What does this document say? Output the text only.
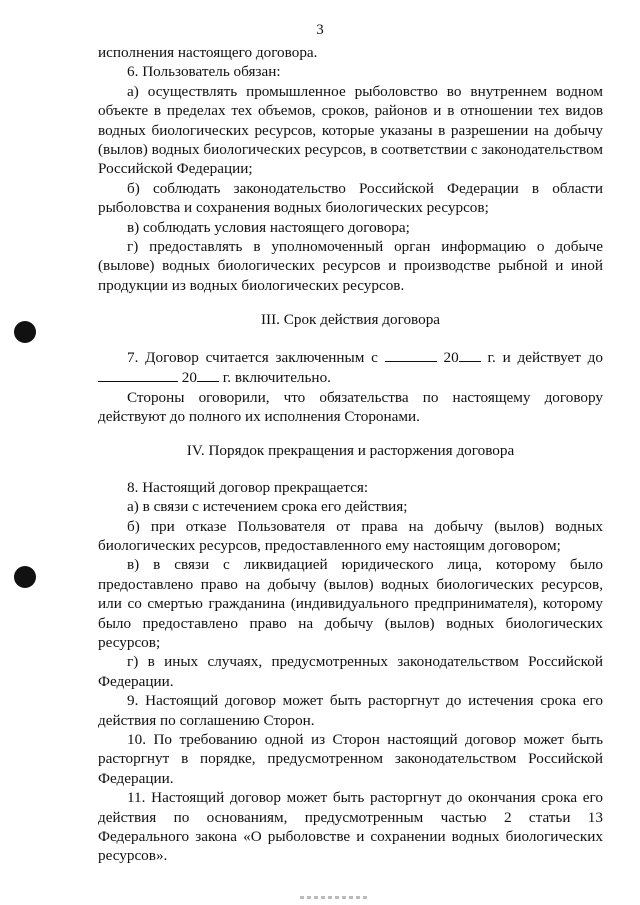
3

исполнения настоящего договора.

6. Пользователь обязан:

а) осуществлять промышленное рыболовство во внутреннем водном объекте в пределах тех объемов, сроков, районов и в отношении тех видов водных биологических ресурсов, которые указаны в разрешении на добычу (вылов) водных биологических ресурсов, в соответствии с законодательством Российской Федерации;

б) соблюдать законодательство Российской Федерации в области рыболовства и сохранения водных биологических ресурсов;

в) соблюдать условия настоящего договора;

г) предоставлять в уполномоченный орган информацию о добыче (вылове) водных биологических ресурсов и производстве рыбной и иной продукции из водных биологических ресурсов.

III. Срок действия договора

7. Договор считается заключенным с	20 г. и действует до  20 г. включительно.

Стороны оговорили, что обязательства по настоящему договору действуют до полного их исполнения Сторонами.

IV. Порядок прекращения и расторжения договора

8. Настоящий договор прекращается:

а) в связи с истечением срока его действия;

б) при отказе Пользователя от права на добычу (вылов) водных биологических ресурсов, предоставленного ему настоящим договором;

в) в связи с ликвидацией юридического лица, которому было предоставлено право на добычу (вылов) водных биологических ресурсов, или со смертью гражданина (индивидуального предпринимателя), которому было предоставлено право на добычу (вылов) водных биологических ресурсов;

г) в иных случаях, предусмотренных законодательством Российской Федерации.

9. Настоящий договор может быть расторгнут до истечения срока его действия по соглашению Сторон.

10. По требованию одной из Сторон настоящий договор может быть расторгнут в порядке, предусмотренном законодательством Российской Федерации.

11. Настоящий договор может быть расторгнут до окончания срока его действия по основаниям, предусмотренным частью 2 статьи 13 Федерального закона «О рыболовстве и сохранении водных биологических ресурсов».
